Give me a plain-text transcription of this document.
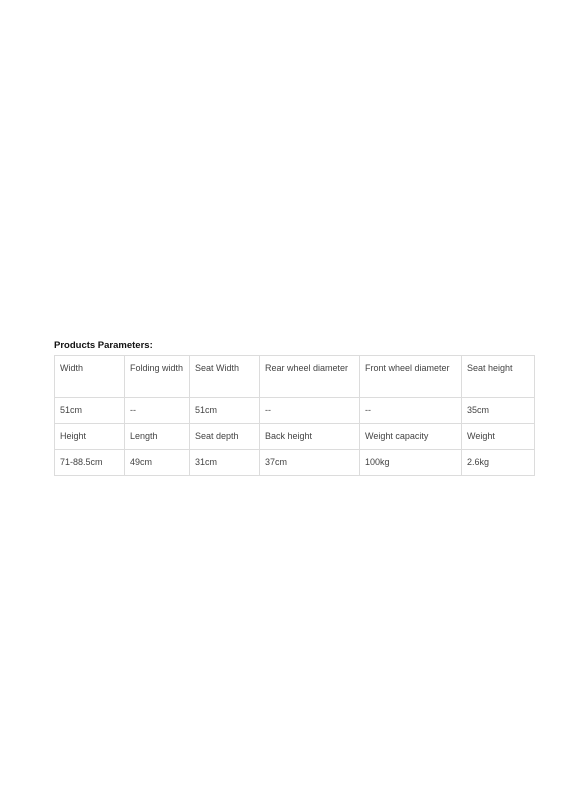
Products Parameters:
Width	Folding width	Seat Width	Rear wheel diameter	Front wheel diameter	Seat height
51cm	--	51cm	--	--	35cm
Height	Length	Seat depth	Back height	Weight capacity	Weight
71-88.5cm	49cm	31cm	37cm	100kg	2.6kg
